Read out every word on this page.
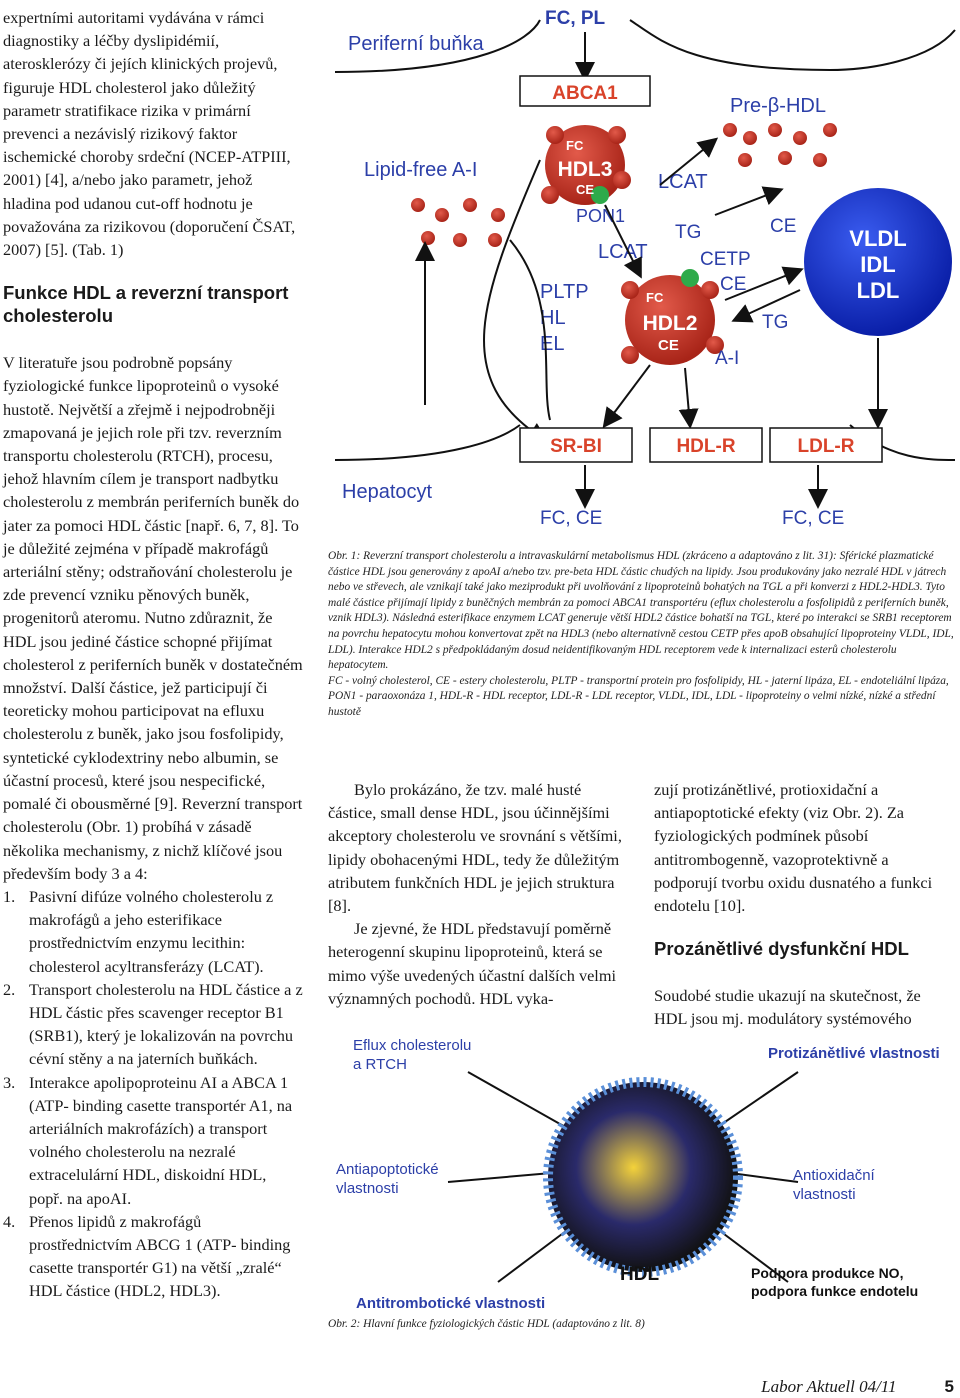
expertními autoritami vydávána v rámci diagnostiky a léčby dyslipidémií, aterosklerózy či jejích klinických projevů, figuruje HDL cholesterol jako důležitý parametr stratifikace rizika v primární prevenci a nezávislý rizikový faktor ischemické choroby srdeční (NCEP-ATPIII, 2001) [4], a/nebo jako parametr, jehož hladina pod udanou cut-off hodnotu je považována za rizikovou (doporučení ČSAT, 2007) [5]. (Tab. 1)

Funkce HDL a reverzní transport cholesterolu

V literatuře jsou podrobně popsány fyziologické funkce lipoproteinů o vysoké hustotě. Největší a zřejmě i nejpodrobněji zmapovaná je jejich role při tzv. reverzním transportu cholesterolu (RTCH), procesu, jehož hlavním cílem je transport nadbytku cholesterolu z membrán periferních buněk do jater za pomoci HDL částic [např. 6, 7, 8]. To je důležité zejména v případě makrofágů arteriální stěny; odstraňování cholesterolu je zde prevencí vzniku pěnových buněk, progenitorů ateromu. Nutno zdůraznit, že HDL jsou jediné částice schopné přijímat cholesterol z periferních buněk v dostatečném množství. Další částice, jež participují či teoreticky mohou participovat na efluxu cholesterolu z buněk, jako jsou fosfolipidy, syntetické cyklodextriny nebo albumin, se účastní procesů, které jsou nespecifické, pomalé či obousměrné [9]. Reverzní transport cholesterolu (Obr. 1) probíhá v zásadě několika mechanismy, z nichž klíčové jsou především body 3 a 4:

1. Pasivní difúze volného cholesterolu z makrofágů a jeho esterifikace prostřednictvím enzymu lecithin: cholesterol acyltransferázy (LCAT).
2. Transport cholesterolu na HDL částice a z HDL částic přes scavenger receptor B1 (SRB1), který je lokalizován na povrchu cévní stěny a na jaterních buňkách.
3. Interakce apolipoproteinu AI a ABCA 1 (ATP- binding casette transportér A1, na arteriálních makrofázích) a transport volného cholesterolu na nezralé extracelulární HDL, diskoidní HDL, popř. na apoAI.
4. Přenos lipidů z makrofágů prostřednictvím ABCG 1 (ATP- binding casette transportér G1) na větší „zralé“ HDL částice (HDL2, HDL3).
FC, PL
Periferní buňka
ABCA1
Pre-β-HDL
Lipid-free A-I
FC
HDL3
CE
PON1
LCAT
LCAT
TG
CETP
CE
CE
TG
FC
HDL2
CE
A-I
VLDL
IDL
LDL
PLTP
HL
EL
Hepatocyt
SR-BI	HDL-R	LDL-R
FC, CE	FC, CE
Obr. 1: Reverzní transport cholesterolu a intravaskulární metabolismus HDL (zkráceno a adaptováno z lit. 31): Sférické plazmatické částice HDL jsou generovány z apoAI a/nebo tzv. pre-beta HDL částic chudých na lipidy. Jsou produkovány jako nezralé HDL v játrech nebo ve střevech, ale vznikají také jako meziprodukt při uvolňování z lipoproteinů bohatých na TGL a při konverzi z HDL2-HDL3. Tyto malé částice přijímají lipidy z buněčných membrán za pomoci ABCA1 transportéru (eflux cholesterolu a fosfolipidů z periferních buněk, vznik HDL3). Následná esterifikace enzymem LCAT generuje větší HDL2 částice bohatší na TGL, které po interakci se SRB1 receptorem na povrchu hepatocytu mohou konvertovat zpět na HDL3 (nebo alternativně cestou CETP přes apoB obsahující lipoproteiny VLDL, IDL, LDL). Interakce HDL2 s předpokládaným dosud neidentifikovaným HDL receptorem vede k internalizaci esterů cholesterolu hepatocytem.
FC - volný cholesterol, CE - estery cholesterolu, PLTP - transportní protein pro fosfolipidy, HL - jaterní lipáza, EL - endoteliální lipáza, PON1 - paraoxonáza 1, HDL-R - HDL receptor, LDL-R - LDL receptor, VLDL, IDL, LDL - lipoproteiny o velmi nízké, nízké a střední hustotě

Bylo prokázáno, že tzv. malé husté částice, small dense HDL, jsou účinnějšími akceptory cholesterolu ve srovnání s většími, lipidy obohacenými HDL, tedy že důležitým atributem funkčních HDL je jejich struktura [8].

Je zjevné, že HDL představují poměrně heterogenní skupinu lipoproteinů, která se mimo výše uvedených účastní dalších velmi významných pochodů. HDL vyka-

zují protizánětlivé, protioxidační a antiapoptotické efekty (viz Obr. 2). Za fyziologických podmínek působí antitrombogenně, vazoprotektivně a podporují tvorbu oxidu dusnatého a funkci endotelu [10].

Prozánětlivé dysfunkční HDL

Soudobé studie ukazují na skutečnost, že HDL jsou mj. modulátory systémového

HDL
Eflux cholesterolu
a RTCH
Protizánětlivé vlastnosti
Antiapoptotické
vlastnosti
Antioxidační
vlastnosti
Podpora produkce NO,
podpora funkce endotelu
Antitrombotické vlastnosti
Obr. 2: Hlavní funkce fyziologických částic HDL (adaptováno z lit. 8)
Labor Aktuell 04/11	5
